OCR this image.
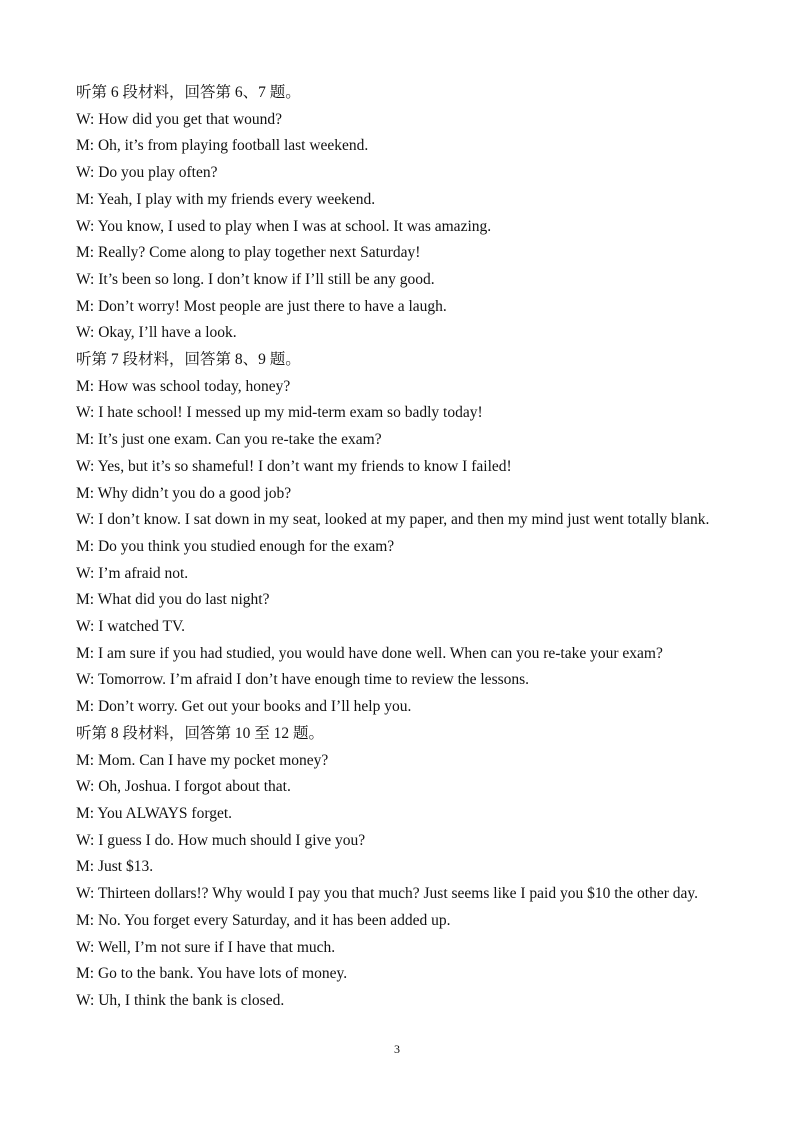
听第 6 段材料，回答第 6、7 题。
W: How did you get that wound?
M: Oh, it’s from playing football last weekend.
W: Do you play often?
M: Yeah, I play with my friends every weekend.
W: You know, I used to play when I was at school. It was amazing.
M: Really? Come along to play together next Saturday!
W: It’s been so long. I don’t know if I’ll still be any good.
M: Don’t worry! Most people are just there to have a laugh.
W: Okay, I’ll have a look.
听第 7 段材料，回答第 8、9 题。
M: How was school today, honey?
W: I hate school! I messed up my mid-term exam so badly today!
M: It’s just one exam. Can you re-take the exam?
W: Yes, but it’s so shameful! I don’t want my friends to know I failed!
M: Why didn’t you do a good job?
W: I don’t know. I sat down in my seat, looked at my paper, and then my mind just went totally blank.
M: Do you think you studied enough for the exam?
W: I’m afraid not.
M: What did you do last night?
W: I watched TV.
M: I am sure if you had studied, you would have done well. When can you re-take your exam?
W: Tomorrow. I’m afraid I don’t have enough time to review the lessons.
M: Don’t worry. Get out your books and I’ll help you.
听第 8 段材料，回答第 10 至 12 题。
M: Mom. Can I have my pocket money?
W: Oh, Joshua. I forgot about that.
M: You ALWAYS forget.
W: I guess I do. How much should I give you?
M: Just $13.
W: Thirteen dollars!? Why would I pay you that much? Just seems like I paid you $10 the other day.
M: No. You forget every Saturday, and it has been added up.
W: Well, I’m not sure if I have that much.
M: Go to the bank. You have lots of money.
W: Uh, I think the bank is closed.
3
